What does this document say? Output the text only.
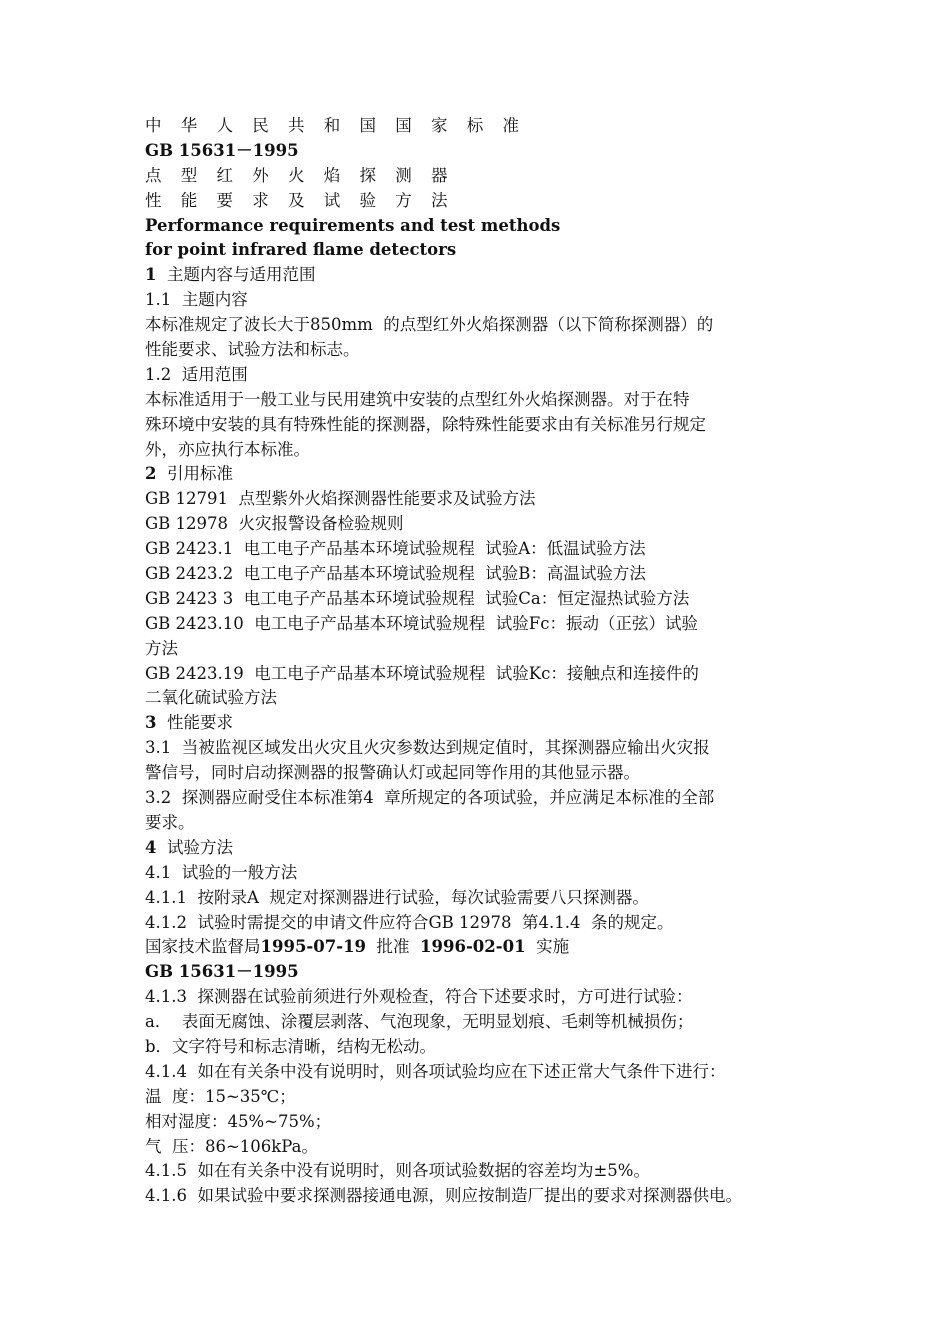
中 华 人 民 共 和 国 国 家 标 准
GB 15631－1995
点 型 红 外 火 焰 探 测 器
性 能 要 求 及 试 验 方 法
Performance requirements and test methods
for point infrared flame detectors
1 主题内容与适用范围
1.1  主题内容
本标准规定了波长大于850mm  的点型红外火焰探测器（以下简称探测器）的
性能要求、试验方法和标志。
1.2  适用范围
本标准适用于一般工业与民用建筑中安装的点型红外火焰探测器。对于在特
殊环境中安装的具有特殊性能的探测器，除特殊性能要求由有关标准另行规定
外，亦应执行本标准。
2 引用标准
GB 12791  点型紫外火焰探测器性能要求及试验方法
GB 12978  火灾报警设备检验规则
GB 2423.1  电工电子产品基本环境试验规程  试验A：低温试验方法
GB 2423.2  电工电子产品基本环境试验规程  试验B：高温试验方法
GB 2423 3  电工电子产品基本环境试验规程  试验Ca：恒定湿热试验方法
GB 2423.10  电工电子产品基本环境试验规程  试验Fc：振动（正弦）试验
方法
GB 2423.19  电工电子产品基本环境试验规程  试验Kc：接触点和连接件的
二氧化硫试验方法
3 性能要求
3.1  当被监视区域发出火灾且火灾参数达到规定值时，其探测器应输出火灾报
警信号，同时启动探测器的报警确认灯或起同等作用的其他显示器。
3.2  探测器应耐受住本标准第4  章所规定的各项试验，并应满足本标准的全部
要求。
4 试验方法
4.1  试验的一般方法
4.1.1  按附录A  规定对探测器进行试验，每次试验需要八只探测器。
4.1.2  试验时需提交的申请文件应符合GB 12978  第4.1.4  条的规定。
国家技术监督局1995-07-19  批准  1996-02-01  实施
GB 15631－1995
4.1.3  探测器在试验前须进行外观检查，符合下述要求时，方可进行试验：
a．  表面无腐蚀、涂覆层剥落、气泡现象，无明显划痕、毛刺等机械损伤；
b．文字符号和标志清晰，结构无松动。
4.1.4  如在有关条中没有说明时，则各项试验均应在下述正常大气条件下进行：
温  度：15~35℃；
相对湿度：45%~75%；
气  压：86~106kPa。
4.1.5  如在有关条中没有说明时，则各项试验数据的容差均为±5%。
4.1.6  如果试验中要求探测器接通电源，则应按制造厂提出的要求对探测器供电。
